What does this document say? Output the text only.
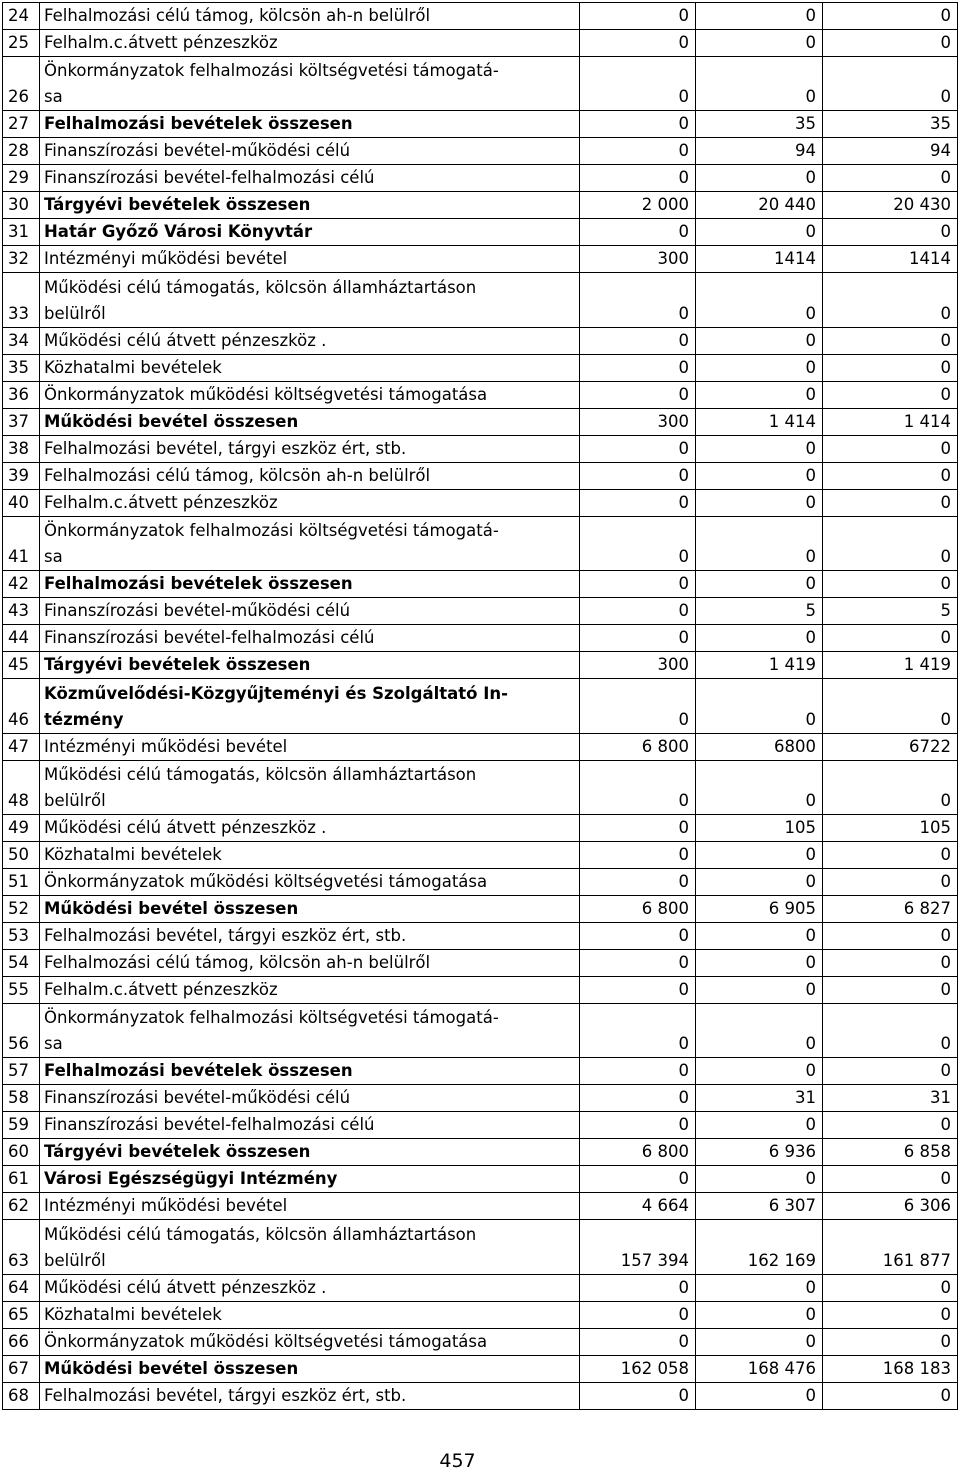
24	Felhalmozási célú támog, kölcsön ah-n belülről	0	0	0
25	Felhalm.c.átvett pénzeszköz	0	0	0
26	Önkormányzatok felhalmozási költségvetési támogatá-
sa	0	0	0
27	Felhalmozási bevételek összesen	0	35	35
28	Finanszírozási bevétel-működési célú	0	94	94
29	Finanszírozási bevétel-felhalmozási célú	0	0	0
30	Tárgyévi bevételek összesen	2 000	20 440	20 430
31	Határ Győző Városi Könyvtár	0	0	0
32	Intézményi működési bevétel	300	1414	1414
33	Működési célú támogatás, kölcsön államháztartáson
belülről	0	0	0
34	Működési célú átvett pénzeszköz .	0	0	0
35	Közhatalmi bevételek	0	0	0
36	Önkormányzatok működési költségvetési támogatása	0	0	0
37	Működési bevétel összesen	300	1 414	1 414
38	Felhalmozási bevétel, tárgyi eszköz ért, stb.	0	0	0
39	Felhalmozási célú támog, kölcsön ah-n belülről	0	0	0
40	Felhalm.c.átvett pénzeszköz	0	0	0
41	Önkormányzatok felhalmozási költségvetési támogatá-
sa	0	0	0
42	Felhalmozási bevételek összesen	0	0	0
43	Finanszírozási bevétel-működési célú	0	5	5
44	Finanszírozási bevétel-felhalmozási célú	0	0	0
45	Tárgyévi bevételek összesen	300	1 419	1 419
46	Közművelődési-Közgyűjteményi és Szolgáltató In-
tézmény	0	0	0
47	Intézményi működési bevétel	6 800	6800	6722
48	Működési célú támogatás, kölcsön államháztartáson
belülről	0	0	0
49	Működési célú átvett pénzeszköz .	0	105	105
50	Közhatalmi bevételek	0	0	0
51	Önkormányzatok működési költségvetési támogatása	0	0	0
52	Működési bevétel összesen	6 800	6 905	6 827
53	Felhalmozási bevétel, tárgyi eszköz ért, stb.	0	0	0
54	Felhalmozási célú támog, kölcsön ah-n belülről	0	0	0
55	Felhalm.c.átvett pénzeszköz	0	0	0
56	Önkormányzatok felhalmozási költségvetési támogatá-
sa	0	0	0
57	Felhalmozási bevételek összesen	0	0	0
58	Finanszírozási bevétel-működési célú	0	31	31
59	Finanszírozási bevétel-felhalmozási célú	0	0	0
60	Tárgyévi bevételek összesen	6 800	6 936	6 858
61	Városi Egészségügyi Intézmény	0	0	0
62	Intézményi működési bevétel	4 664	6 307	6 306
63	Működési célú támogatás, kölcsön államháztartáson
belülről	157 394	162 169	161 877
64	Működési célú átvett pénzeszköz .	0	0	0
65	Közhatalmi bevételek	0	0	0
66	Önkormányzatok működési költségvetési támogatása	0	0	0
67	Működési bevétel összesen	162 058	168 476	168 183
68	Felhalmozási bevétel, tárgyi eszköz ért, stb.	0	0	0
457
